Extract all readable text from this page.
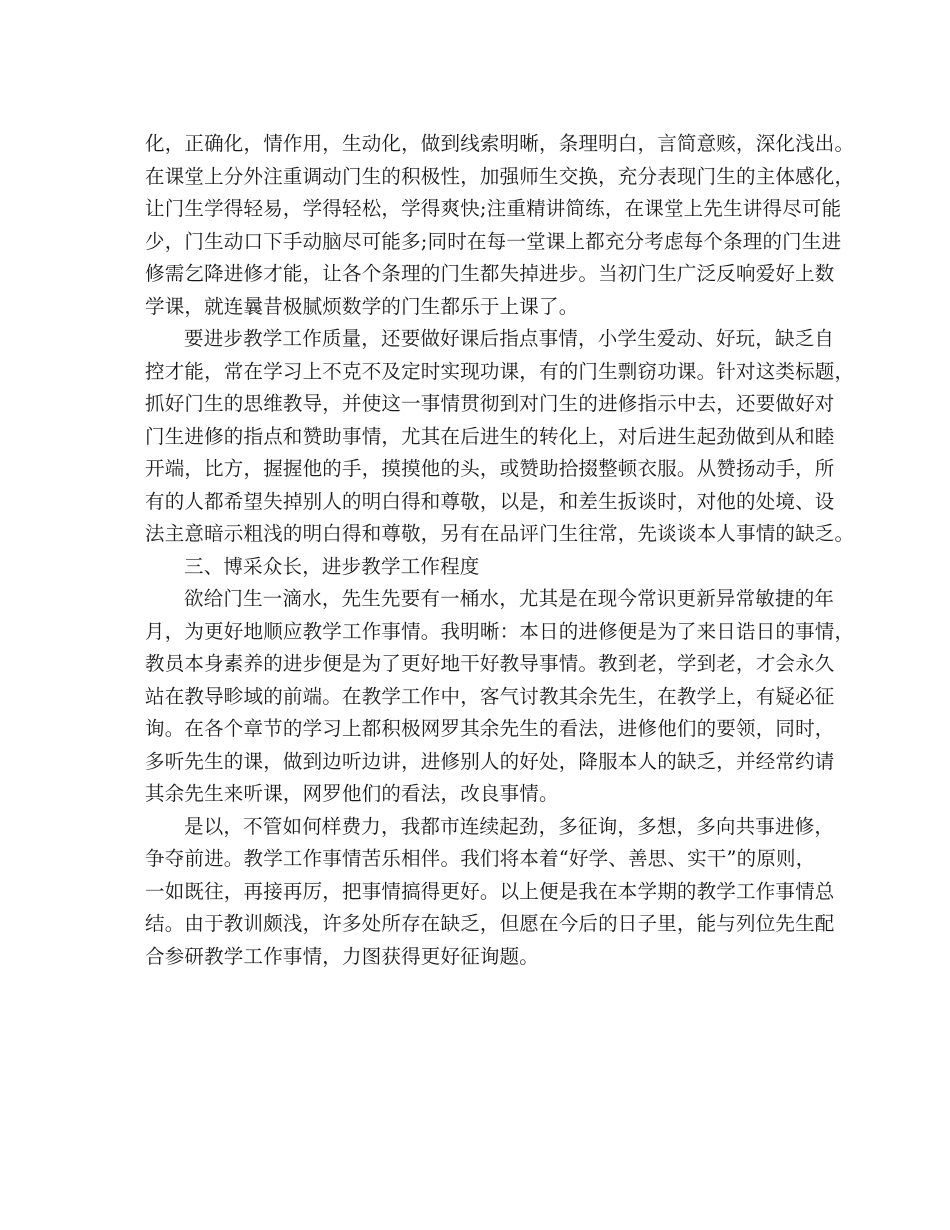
化，正确化，情作用，生动化，做到线索明晰，条理明白，言简意赅，深化浅出。
在课堂上分外注重调动门生的积极性，加强师生交换，充分表现门生的主体感化，
让门生学得轻易，学得轻松，学得爽快;注重精讲简练，在课堂上先生讲得尽可能
少，门生动口下手动脑尽可能多;同时在每一堂课上都充分考虑每个条理的门生进
修需乞降进修才能，让各个条理的门生都失掉进步。当初门生广泛反响爱好上数
学课，就连曩昔极腻烦数学的门生都乐于上课了。
要进步教学工作质量，还要做好课后指点事情，小学生爱动、好玩，缺乏自
控才能，常在学习上不克不及定时实现功课，有的门生剽窃功课。针对这类标题，
抓好门生的思维教导，并使这一事情贯彻到对门生的进修指示中去，还要做好对
门生进修的指点和赞助事情，尤其在后进生的转化上，对后进生起劲做到从和睦
开端，比方，握握他的手，摸摸他的头，或赞助拾掇整顿衣服。从赞扬动手，所
有的人都希望失掉别人的明白得和尊敬，以是，和差生扳谈时，对他的处境、设
法主意暗示粗浅的明白得和尊敬，另有在品评门生往常，先谈谈本人事情的缺乏。
三、博采众长，进步教学工作程度
欲给门生一滴水，先生先要有一桶水，尤其是在现今常识更新异常敏捷的年
月，为更好地顺应教学工作事情。我明晰：本日的进修便是为了来日诰日的事情，
教员本身素养的进步便是为了更好地干好教导事情。教到老，学到老，才会永久
站在教导畛域的前端。在教学工作中，客气讨教其余先生，在教学上，有疑必征
询。在各个章节的学习上都积极网罗其余先生的看法，进修他们的要领，同时，
多听先生的课，做到边听边讲，进修别人的好处，降服本人的缺乏，并经常约请
其余先生来听课，网罗他们的看法，改良事情。
是以，不管如何样费力，我都市连续起劲，多征询，多想，多向共事进修，
争夺前进。教学工作事情苦乐相伴。我们将本着“好学、善思、实干”的原则，
一如既往，再接再厉，把事情搞得更好。以上便是我在本学期的教学工作事情总
结。由于教训颇浅，许多处所存在缺乏，但愿在今后的日子里，能与列位先生配
合参研教学工作事情，力图获得更好征询题。
